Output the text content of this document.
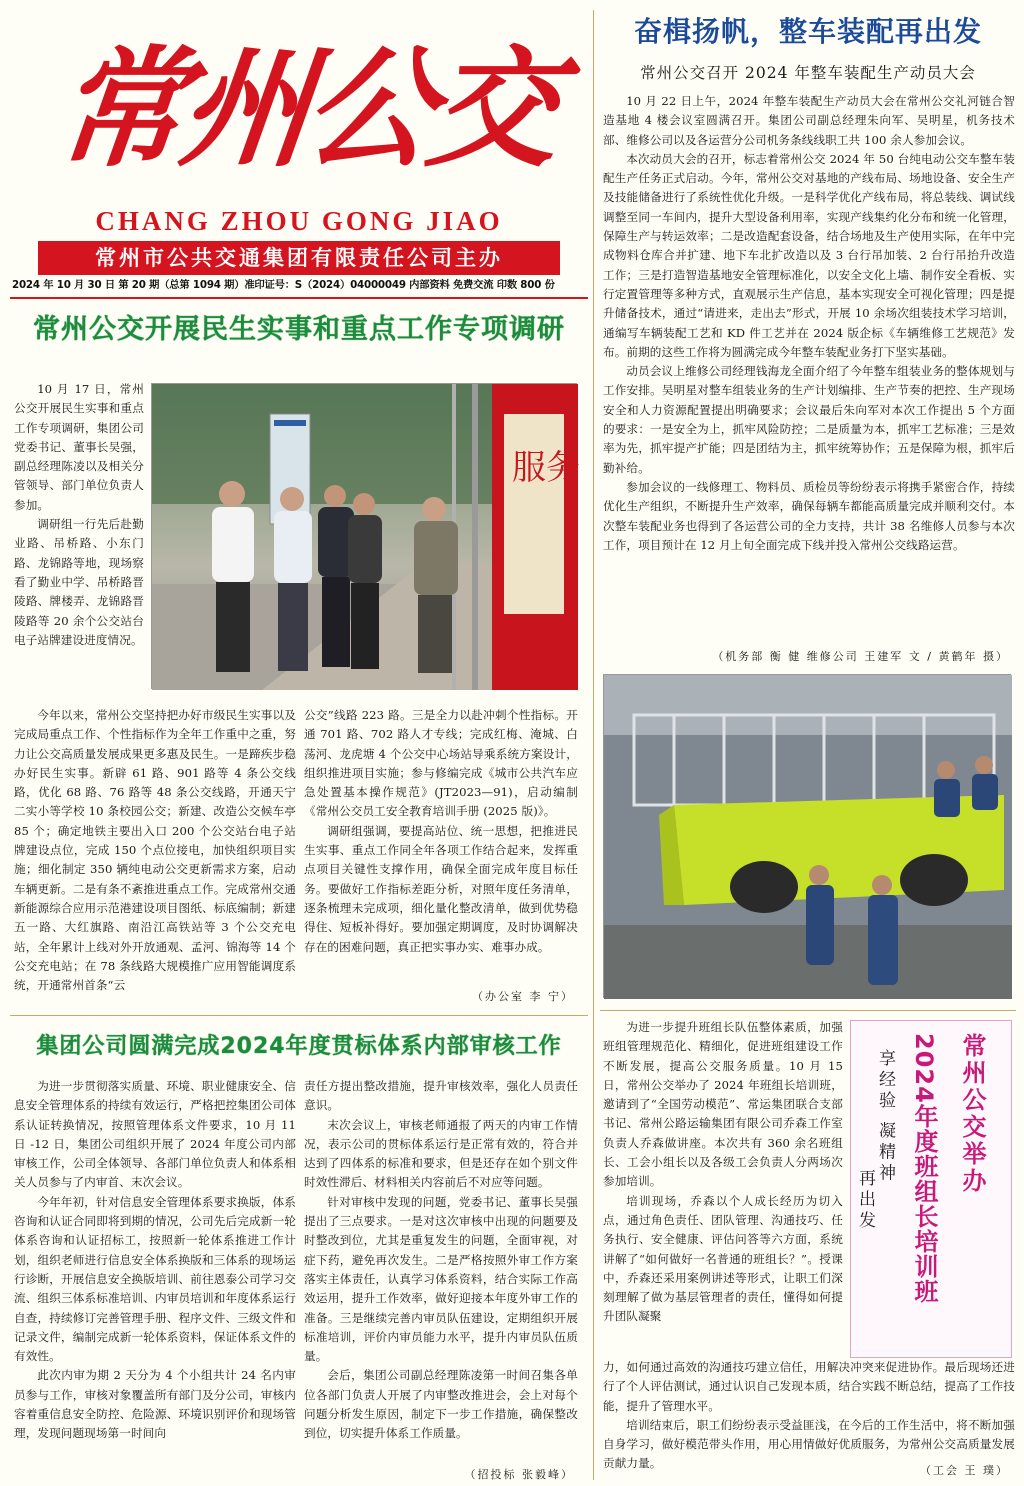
常州公交
CHANG ZHOU GONG JIAO
常州市公共交通集团有限责任公司主办
2024 年 10 月 30 日 第 20 期（总第 1094 期）准印证号：S（2024）04000049 内部资料 免费交流 印数 800 份
常州公交开展民生实事和重点工作专项调研

10 月 17 日，常州公交开展民生实事和重点工作专项调研，集团公司党委书记、董事长吴强，副总经理陈凌以及相关分管领导、部门单位负责人参加。

调研组一行先后赴勤业路、吊桥路、小东门路、龙锦路等地，现场察看了勤业中学、吊桥路晋陵路、牌楼弄、龙锦路晋陵路等 20 余个公交站台电子站牌建设进度情况。

服务

今年以来，常州公交坚持把办好市级民生实事以及完成局重点工作、个性指标作为全年工作重中之重，努力让公交高质量发展成果更多惠及民生。一是蹄疾步稳办好民生实事。新辟 61 路、901 路等 4 条公交线路，优化 68 路、76 路等 48 条公交线路，开通天宁二实小等学校 10 条校园公交；新建、改造公交候车亭 85 个；确定地铁主要出入口 200 个公交站台电子站牌建设点位，完成 150 个点位接电，加快组织项目实施；细化制定 350 辆纯电动公交更新需求方案，启动车辆更新。二是有条不紊推进重点工作。完成常州交通新能源综合应用示范港建设项目图纸、标底编制；新建五一路、大红旗路、南沿江高铁站等 3 个公交充电站，全年累计上线对外开放通观、孟河、锦海等 14 个公交充电站；在 78 条线路大规模推广应用智能调度系统，开通常州首条“云

公交”线路 223 路。三是全力以赴冲刺个性指标。开通 701 路、702 路人才专线；完成红梅、淹城、白荡河、龙虎塘 4 个公交中心场站导乘系统方案设计，组织推进项目实施；参与修编完成《城市公共汽车应急处置基本操作规范》(JT2023—91)，启动编制《常州公交员工安全教育培训手册 (2025 版)》。

调研组强调，要提高站位、统一思想，把推进民生实事、重点工作同全年各项工作结合起来，发挥重点项目关键性支撑作用，确保全面完成年度目标任务。要做好工作指标差距分析，对照年度任务清单，逐条梳理未完成项，细化量化整改清单，做到优势稳得住、短板补得好。要加强定期调度，及时协调解决存在的困难问题，真正把实事办实、难事办成。

（办公室 李 宁）
集团公司圆满完成2024年度贯标体系内部审核工作

为进一步贯彻落实质量、环境、职业健康安全、信息安全管理体系的持续有效运行，严格把控集团公司体系认证转换情况，按照管理体系文件要求，10 月 11 日 -12 日，集团公司组织开展了 2024 年度公司内部审核工作，公司全体领导、各部门单位负责人和体系相关人员参与了内审首、末次会议。

今年年初，针对信息安全管理体系要求换版，体系咨询和认证合同即将到期的情况，公司先后完成新一轮体系咨询和认证招标工，按照新一轮体系推进工作计划，组织老师进行信息安全体系换版和三体系的现场运行诊断，开展信息安全换版培训、前往恩泰公司学习交流、组织三体系标准培训、内审员培训和年度体系运行自查，持续修订完善管理手册、程序文件、三级文件和记录文件，编制完成新一轮体系资料，保证体系文件的有效性。

此次内审为期 2 天分为 4 个小组共计 24 名内审员参与工作，审核对象覆盖所有部门及分公司，审核内容着重信息安全防控、危险源、环境识别评价和现场管理，发现问题现场第一时间向

责任方提出整改措施，提升审核效率，强化人员责任意识。

末次会议上，审核老师通报了两天的内审工作情况，表示公司的贯标体系运行是正常有效的，符合并达到了四体系的标准和要求，但是还存在如个别文件时效性滞后、材料相关内容前后不对应等问题。

针对审核中发现的问题，党委书记、董事长吴强提出了三点要求。一是对这次审核中出现的问题要及时整改到位，尤其是重复发生的问题，全面审视，对症下药，避免再次发生。二是严格按照外审工作方案落实主体责任，认真学习体系资料，结合实际工作高效运用，提升工作效率，做好迎接本年度外审工作的准备。三是继续完善内审员队伍建设，定期组织开展标准培训，评价内审员能力水平，提升内审员队伍质量。

会后，集团公司副总经理陈凌第一时间召集各单位各部门负责人开展了内审整改推进会，会上对每个问题分析发生原因，制定下一步工作措施，确保整改到位，切实提升体系工作质量。

（招投标 张毅峰）
奋楫扬帆，整车装配再出发
常州公交召开 2024 年整车装配生产动员大会

10 月 22 日上午，2024 年整车装配生产动员大会在常州公交礼河链合智造基地 4 楼会议室圆满召开。集团公司副总经理朱向军、吴明星，机务技术部、维修公司以及各运营分公司机务条线线职工共 100 余人参加会议。

本次动员大会的召开，标志着常州公交 2024 年 50 台纯电动公交车整车装配生产任务正式启动。今年，常州公交对基地的产线布局、场地设备、安全生产及技能储备进行了系统性优化升级。一是科学优化产线布局，将总装线、调试线调整至同一车间内，提升大型设备利用率，实现产线集约化分布和统一化管理，保障生产与转运效率；二是改造配套设备，结合场地及生产使用实际，在年中完成物料仓库合并扩建、地下车北扩改造以及 3 台行吊加装、2 台行吊抬升改造工作；三是打造智造基地安全管理标准化，以安全文化上墙、制作安全看板、实行定置管理等多种方式，直观展示生产信息，基本实现安全可视化管理；四是提升储备技术，通过“请进来，走出去”形式，开展 10 余场次组装技术学习培训，通编写车辆装配工艺和 KD 件工艺并在 2024 版企标《车辆维修工艺规范》发布。前期的这些工作将为圆满完成今年整车装配业务打下坚实基础。

动员会议上维修公司经理钱海龙全面介绍了今年整车组装业务的整体规划与工作安排。吴明星对整车组装业务的生产计划编排、生产节奏的把控、生产现场安全和人力资源配置提出明确要求；会议最后朱向军对本次工作提出 5 个方面的要求：一是安全为上，抓牢风险防控；二是质量为本，抓牢工艺标准；三是效率为先，抓牢提产扩能；四是团结为主，抓牢统筹协作；五是保障为根，抓牢后勤补给。

参加会议的一线修理工、物料员、质检员等纷纷表示将携手紧密合作，持续优化生产组织，不断提升生产效率，确保每辆车都能高质量完成并顺利交付。本次整车装配业务也得到了各运营公司的全力支持，共计 38 名维修人员参与本次工作，项目预计在 12 月上旬全面完成下线并投入常州公交线路运营。

（机务部 衡 健 维修公司 王建军 文 / 黄鹤年 摄）

为进一步提升班组长队伍整体素质，加强班组管理规范化、精细化，促进班组建设工作不断发展，提高公交服务质量。10 月 15 日，常州公交举办了 2024 年班组长培训班，邀请到了“全国劳动模范”、常运集团联合支部书记、常州公路运输集团有限公司乔森工作室负责人乔森做讲座。本次共有 360 余名班组长、工会小组长以及各级工会负责人分两场次参加培训。

培训现场，乔森以个人成长经历为切入点，通过角色责任、团队管理、沟通技巧、任务执行、安全健康、评估问答等六方面，系统讲解了“如何做好一名普通的班组长？”。授课中，乔森还采用案例讲述等形式，让职工们深刻理解了做为基层管理者的责任，懂得如何提升团队凝聚

常州公交举办
2024年度班组长培训班
享经验 凝精神
再出发

力，如何通过高效的沟通技巧建立信任，用解决冲突来促进协作。最后现场还进行了个人评估测试，通过认识自己发现本质，结合实践不断总结，提高了工作技能，提升了管理水平。

培训结束后，职工们纷纷表示受益匪浅，在今后的工作生活中，将不断加强自身学习，做好模范带头作用，用心用情做好优质服务，为常州公交高质量发展贡献力量。

（工会 王 璞）
